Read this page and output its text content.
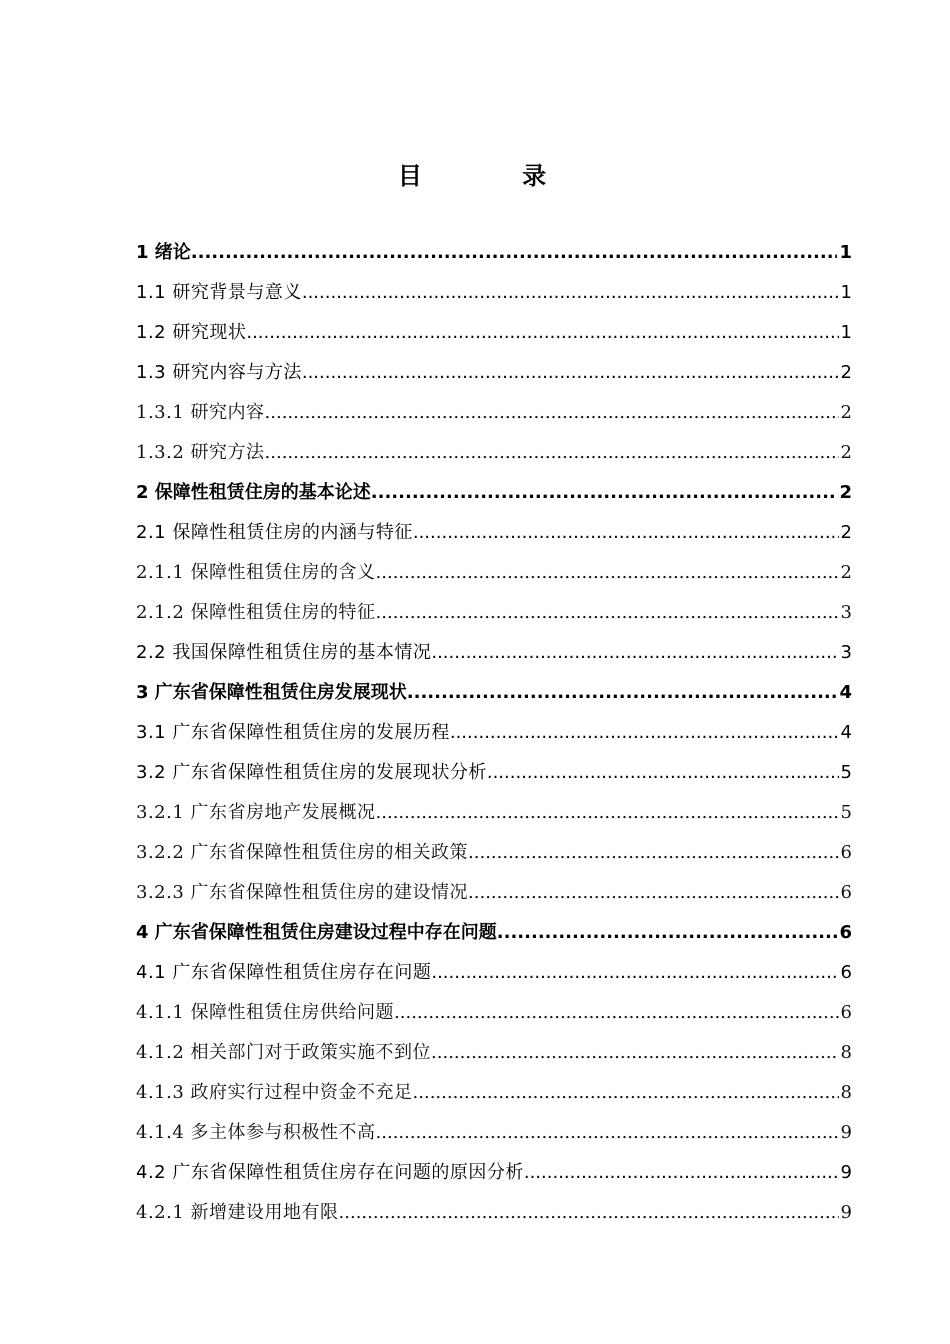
目 录
1 绪论 .....	1
1.1 研究背景与意义 .....	1
1.2 研究现状 .....	1
1.3 研究内容与方法 .....	2
1.3.1 研究内容 .....	2
1.3.2 研究方法 .....	2
2 保障性租赁住房的基本论述 .....	2
2.1 保障性租赁住房的内涵与特征 .....	2
2.1.1 保障性租赁住房的含义 .....	2
2.1.2 保障性租赁住房的特征 .....	3
2.2 我国保障性租赁住房的基本情况 .....	3
3 广东省保障性租赁住房发展现状 .....	4
3.1 广东省保障性租赁住房的发展历程 .....	4
3.2 广东省保障性租赁住房的发展现状分析 .....	5
3.2.1 广东省房地产发展概况 .....	5
3.2.2 广东省保障性租赁住房的相关政策 .....	6
3.2.3 广东省保障性租赁住房的建设情况 .....	6
4 广东省保障性租赁住房建设过程中存在问题 .....	6
4.1 广东省保障性租赁住房存在问题 .....	6
4.1.1 保障性租赁住房供给问题 .....	6
4.1.2 相关部门对于政策实施不到位 .....	8
4.1.3 政府实行过程中资金不充足 .....	8
4.1.4 多主体参与积极性不高 .....	9
4.2 广东省保障性租赁住房存在问题的原因分析 .....	9
4.2.1 新增建设用地有限 .....	9
